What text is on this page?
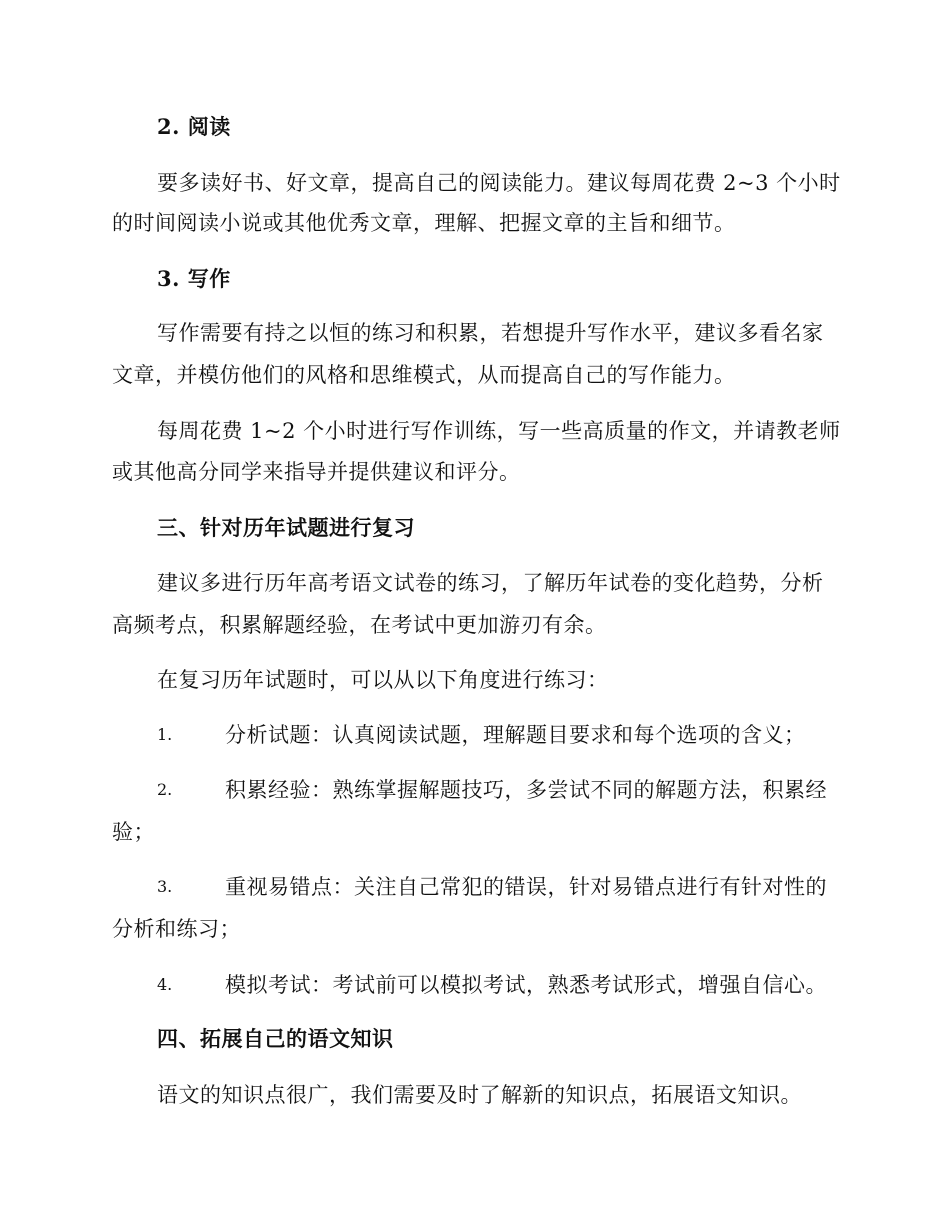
2. 阅读
要多读好书、好文章，提高自己的阅读能力。建议每周花费 2~3 个小时
的时间阅读小说或其他优秀文章，理解、把握文章的主旨和细节。
3. 写作
写作需要有持之以恒的练习和积累，若想提升写作水平，建议多看名家
文章，并模仿他们的风格和思维模式，从而提高自己的写作能力。
每周花费 1~2 个小时进行写作训练，写一些高质量的作文，并请教老师
或其他高分同学来指导并提供建议和评分。
三、针对历年试题进行复习
建议多进行历年高考语文试卷的练习，了解历年试卷的变化趋势，分析
高频考点，积累解题经验，在考试中更加游刃有余。
在复习历年试题时，可以从以下角度进行练习：
1.	分析试题：认真阅读试题，理解题目要求和每个选项的含义；
2.	积累经验：熟练掌握解题技巧，多尝试不同的解题方法，积累经
验；
3.	重视易错点：关注自己常犯的错误，针对易错点进行有针对性的
分析和练习；
4.	模拟考试：考试前可以模拟考试，熟悉考试形式，增强自信心。
四、拓展自己的语文知识
语文的知识点很广，我们需要及时了解新的知识点，拓展语文知识。
